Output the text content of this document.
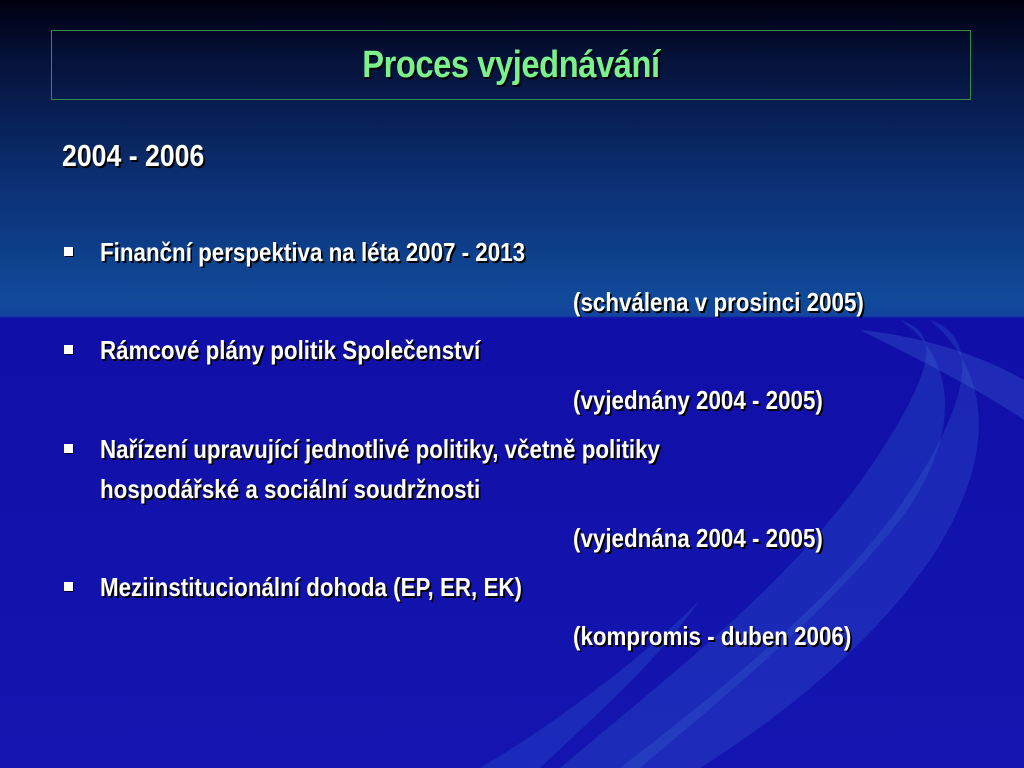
Proces vyjednávání
2004 - 2006
Finanční perspektiva na léta 2007 - 2013
(schválena v prosinci 2005)
Rámcové plány politik Společenství
(vyjednány 2004 - 2005)
Nařízení upravující jednotlivé politiky, včetně politiky
hospodářské a sociální soudržnosti
(vyjednána 2004 - 2005)
Meziinstitucionální dohoda (EP, ER, EK)
(kompromis - duben 2006)
